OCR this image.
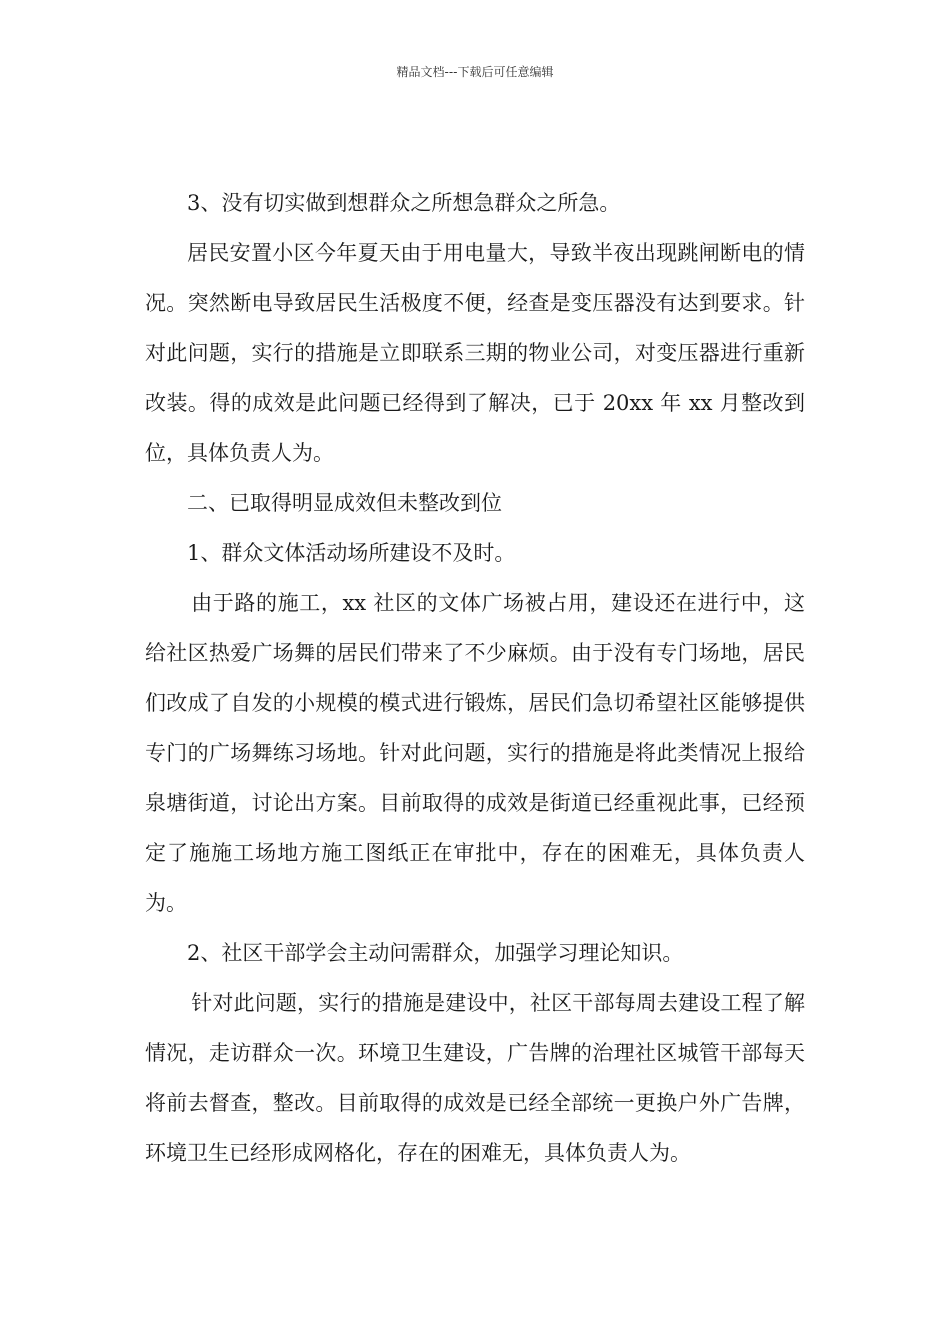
精品文档---下载后可任意编辑

3、没有切实做到想群众之所想急群众之所急。

居民安置小区今年夏天由于用电量大，导致半夜出现跳闸断电的情况。突然断电导致居民生活极度不便，经查是变压器没有达到要求。针对此问题，实行的措施是立即联系三期的物业公司，对变压器进行重新改装。得的成效是此问题已经得到了解决，已于 20xx 年 xx 月整改到位，具体负责人为。

二、已取得明显成效但未整改到位

1、群众文体活动场所建设不及时。

由于路的施工，xx 社区的文体广场被占用，建设还在进行中，这给社区热爱广场舞的居民们带来了不少麻烦。由于没有专门场地，居民们改成了自发的小规模的模式进行锻炼，居民们急切希望社区能够提供专门的广场舞练习场地。针对此问题，实行的措施是将此类情况上报给泉塘街道，讨论出方案。目前取得的成效是街道已经重视此事，已经预定了施施工场地方施工图纸正在审批中，存在的困难无，具体负责人为。

2、社区干部学会主动问需群众，加强学习理论知识。

针对此问题，实行的措施是建设中，社区干部每周去建设工程了解情况，走访群众一次。环境卫生建设，广告牌的治理社区城管干部每天将前去督查，整改。目前取得的成效是已经全部统一更换户外广告牌，环境卫生已经形成网格化，存在的困难无，具体负责人为。
